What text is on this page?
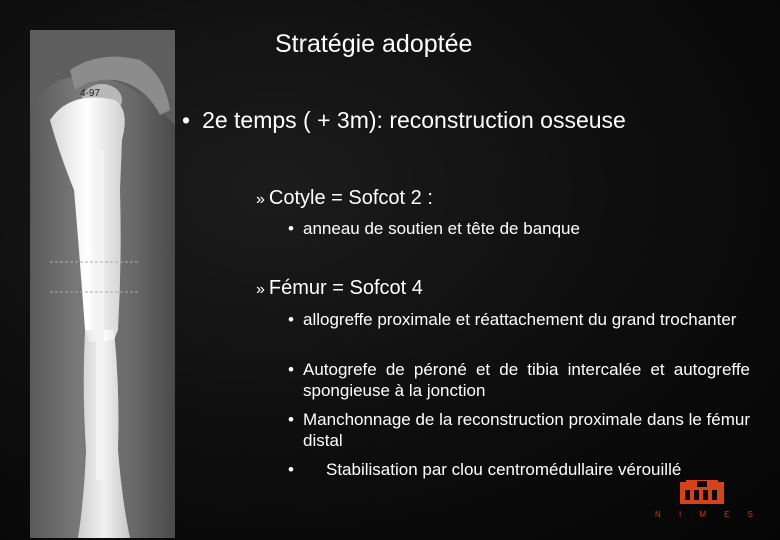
4-97
Stratégie adoptée
• 2e temps ( + 3m): reconstruction osseuse
» Cotyle = Sofcot 2 :
• anneau de soutien et tête de banque
» Fémur = Sofcot 4
• allogreffe proximale et réattachement du grand trochanter
• Autogrefe de péroné et de tibia intercalée et autogreffe spongieuse à la jonction
• Manchonnage de la reconstruction proximale dans le fémur distal
•	Stabilisation par clou centromédullaire vérouillé
N I M E S
